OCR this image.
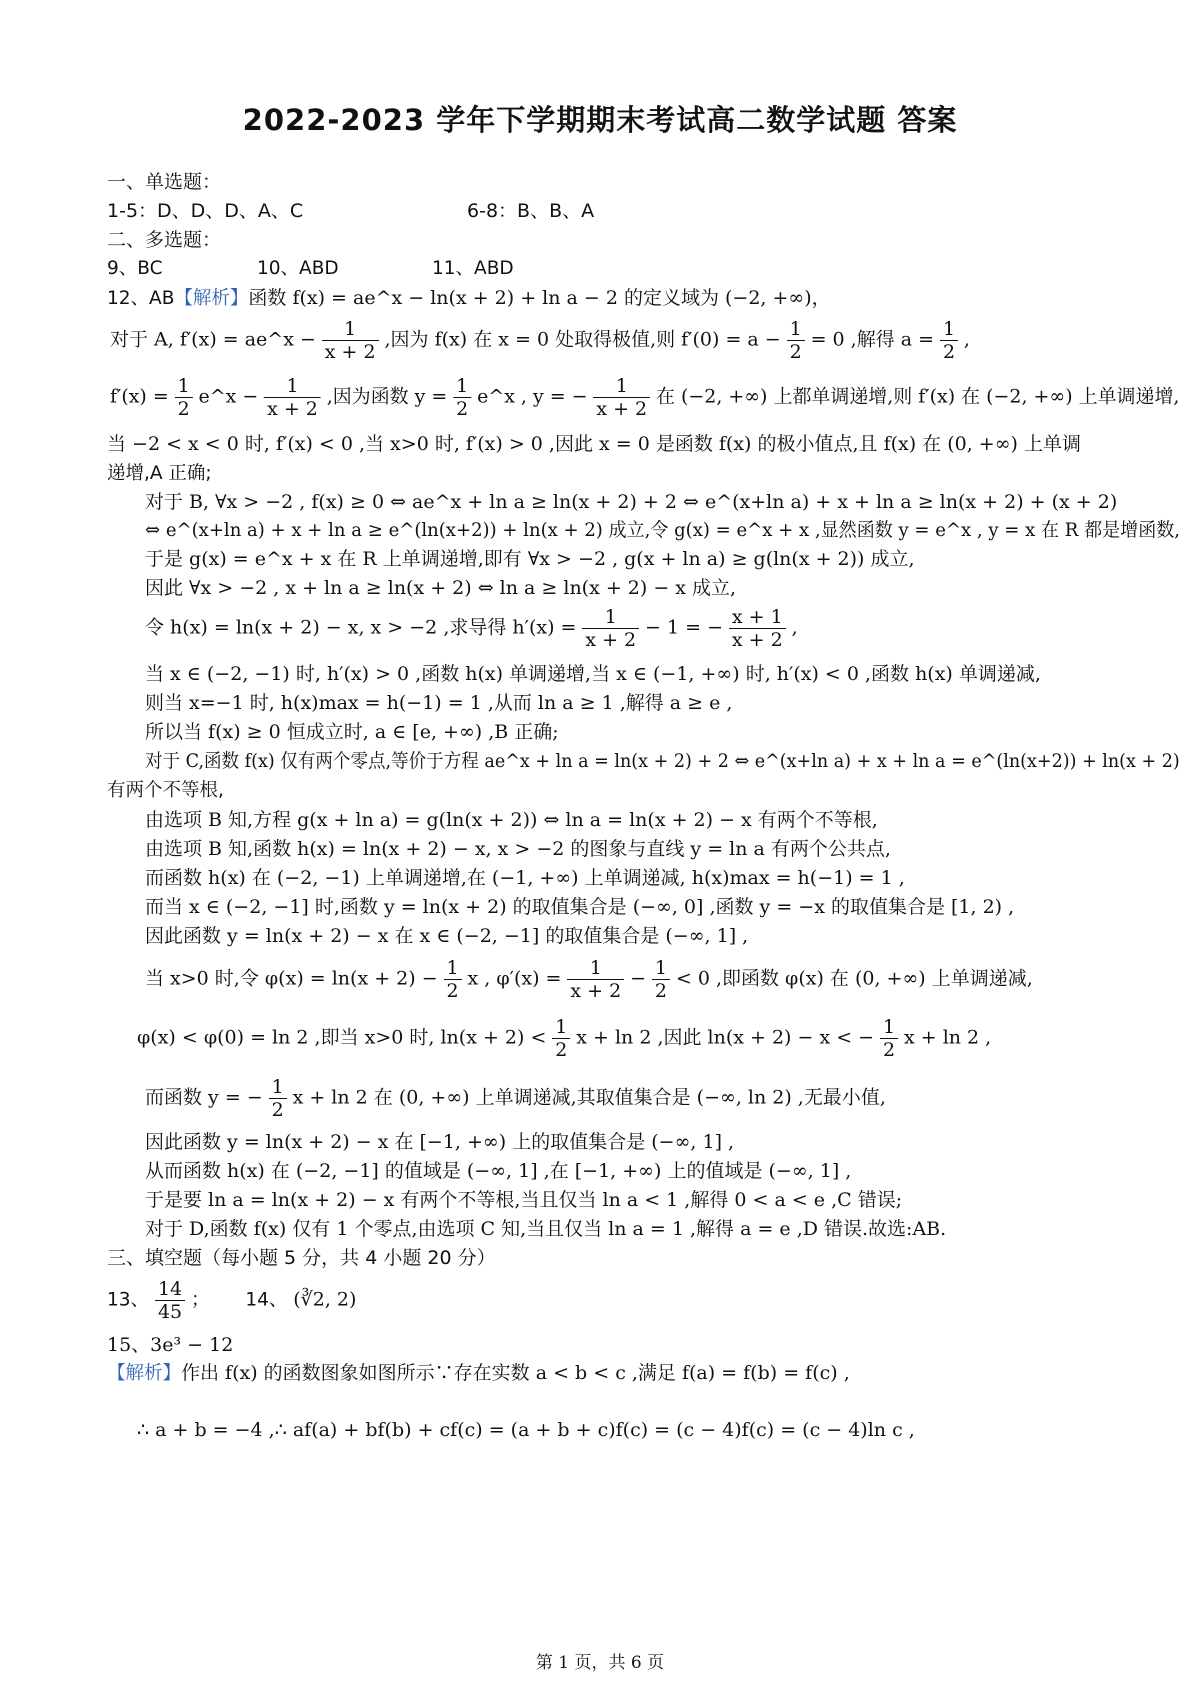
2022-2023 学年下学期期末考试高二数学试题 答案
一、单选题：
1-5：D、D、D、A、C	6-8：B、B、A
二、多选题：
9、BC	10、ABD	11、ABD
12、AB【解析】函数 f(x) = ae^x − ln(x + 2) + ln a − 2 的定义域为 (−2, +∞)，
对于 A, f′(x) = ae^x − $\frac{1}{x + 2}$ ,因为 f(x) 在 x = 0 处取得极值,则 $f'(0) = a - \frac{1}{2} = 0$ ,解得 $a = \frac{1}{2}$ ,
$f'(x) = \frac{1}{2}$ e^x − $\frac{1}{x + 2}$ ,因为函数 $y = \frac{1}{2}$ e^x , y = − $\frac{1}{x + 2}$ 在 (−2, +∞) 上都单调递增,则 f′(x) 在 (−2, +∞) 上单调递增,
当 −2 < x < 0 时, f′(x) < 0 ,当 x>0 时, f′(x) > 0 ,因此 x = 0 是函数 f(x) 的极小值点,且 f(x) 在 (0, +∞) 上单调
递增,A 正确;
对于 B, ∀x > −2 , f(x) ≥ 0 ⇔ ae^x + ln a ≥ ln(x + 2) + 2 ⇔ e^(x+ln a) + x + ln a ≥ ln(x + 2) + (x + 2)
⇔ e^(x+ln a) + x + ln a ≥ e^(ln(x+2)) + ln(x + 2) 成立,令 g(x) = e^x + x ,显然函数 y = e^x , y = x 在 R 都是增函数,
于是 g(x) = e^x + x 在 R 上单调递增,即有 ∀x > −2 , g(x + ln a) ≥ g(ln(x + 2)) 成立,
因此 ∀x > −2 , x + ln a ≥ ln(x + 2) ⇔ ln a ≥ ln(x + 2) − x 成立,
令 h(x) = ln(x + 2) − x, x > −2 ,求导得 $h'(x) = \frac{1}{x + 2} - 1$ = − $\frac{x + 1}{x + 2}$ ,
当 x ∈ (−2, −1) 时, h′(x) > 0 ,函数 h(x) 单调递增,当 x ∈ (−1, +∞) 时, h′(x) < 0 ,函数 h(x) 单调递减,
则当 x=−1 时, h(x)max = h(−1) = 1 ,从而 ln a ≥ 1 ,解得 a ≥ e ,
所以当 f(x) ≥ 0 恒成立时, a ∈ [e, +∞) ,B 正确;
对于 C,函数 f(x) 仅有两个零点,等价于方程 ae^x + ln a = ln(x + 2) + 2 ⇔ e^(x+ln a) + x + ln a = e^(ln(x+2)) + ln(x + 2)
有两个不等根,
由选项 B 知,方程 g(x + ln a) = g(ln(x + 2)) ⇔ ln a = ln(x + 2) − x 有两个不等根,
由选项 B 知,函数 h(x) = ln(x + 2) − x, x > −2 的图象与直线 y = ln a 有两个公共点,
而函数 h(x) 在 (−2, −1) 上单调递增,在 (−1, +∞) 上单调递减, h(x)max = h(−1) = 1 ,
而当 x ∈ (−2, −1] 时,函数 y = ln(x + 2) 的取值集合是 (−∞, 0] ,函数 y = −x 的取值集合是 [1, 2) ,
因此函数 y = ln(x + 2) − x 在 x ∈ (−2, −1] 的取值集合是 (−∞, 1] ,
当 x>0 时,令 $\varphi(x) = \ln(x + 2) - \frac{1}{2}$ x , $\varphi'(x) = \frac{1}{x + 2} - \frac{1}{2} < 0$ ,即函数 φ(x) 在 (0, +∞) 上单调递减,
φ(x) < φ(0) = ln 2 ,即当 x>0 时, $\ln(x + 2) < \frac{1}{2}$ x + ln 2 ,因此 ln(x + 2) − x < − $\frac{1}{2}$ x + ln 2 ,
而函数 y = − $\frac{1}{2}$ x + ln 2 在 (0, +∞) 上单调递减,其取值集合是 (−∞, ln 2) ,无最小值,
因此函数 y = ln(x + 2) − x 在 [−1, +∞) 上的取值集合是 (−∞, 1] ,
从而函数 h(x) 在 (−2, −1] 的值域是 (−∞, 1] ,在 [−1, +∞) 上的值域是 (−∞, 1] ,
于是要 ln a = ln(x + 2) − x 有两个不等根,当且仅当 ln a < 1 ,解得 0 < a < e ,C 错误;
对于 D,函数 f(x) 仅有 1 个零点,由选项 C 知,当且仅当 ln a = 1 ,解得 a = e ,D 错误.故选:AB.
三、填空题（每小题 5 分，共 4 小题 20 分）
13、 $\frac{14}{45}$ ； 14、 (∛2, 2)
15、3e³ − 12
【解析】作出 f(x) 的函数图象如图所示∵存在实数 a < b < c ,满足 f(a) = f(b) = f(c) ,
∴ a + b = −4 ,∴ af(a) + bf(b) + cf(c) = (a + b + c)f(c) = (c − 4)f(c) = (c − 4)ln c ,
第 1 页，共 6 页
